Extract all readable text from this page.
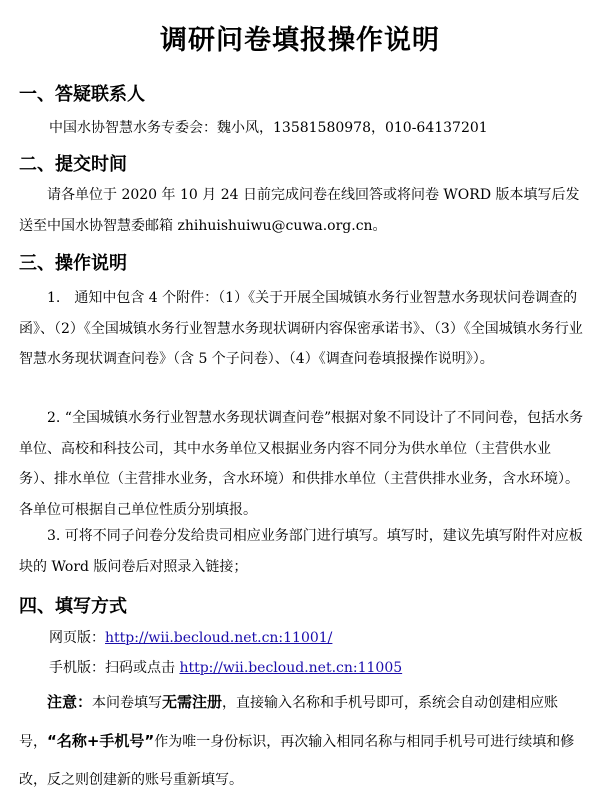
调研问卷填报操作说明
一、答疑联系人
中国水协智慧水务专委会：魏小风，13581580978，010-64137201
二、提交时间

请各单位于 2020 年 10 月 24 日前完成问卷在线回答或将问卷 WORD 版本填写后发送至中国水协智慧委邮箱 zhihuishuiwu@cuwa.org.cn。

三、操作说明

1.　通知中包含 4 个附件：（1）《关于开展全国城镇水务行业智慧水务现状问卷调查的函》、（2）《全国城镇水务行业智慧水务现状调研内容保密承诺书》、（3）《全国城镇水务行业智慧水务现状调查问卷》（含 5 个子问卷）、（4）《调查问卷填报操作说明》）。

2. “全国城镇水务行业智慧水务现状调查问卷”根据对象不同设计了不同问卷，包括水务单位、高校和科技公司，其中水务单位又根据业务内容不同分为供水单位（主营供水业务）、排水单位（主营排水业务，含水环境）和供排水单位（主营供排水业务，含水环境）。各单位可根据自己单位性质分别填报。

3. 可将不同子问卷分发给贵司相应业务部门进行填写。填写时，建议先填写附件对应板块的 Word 版问卷后对照录入链接；

四、填写方式
网页版：http://wii.becloud.net.cn:11001/
手机版：扫码或点击 http://wii.becloud.net.cn:11005

注意：本问卷填写无需注册，直接输入名称和手机号即可，系统会自动创建相应账号，“名称+手机号”作为唯一身份标识，再次输入相同名称与相同手机号可进行续填和修改，反之则创建新的账号重新填写。
